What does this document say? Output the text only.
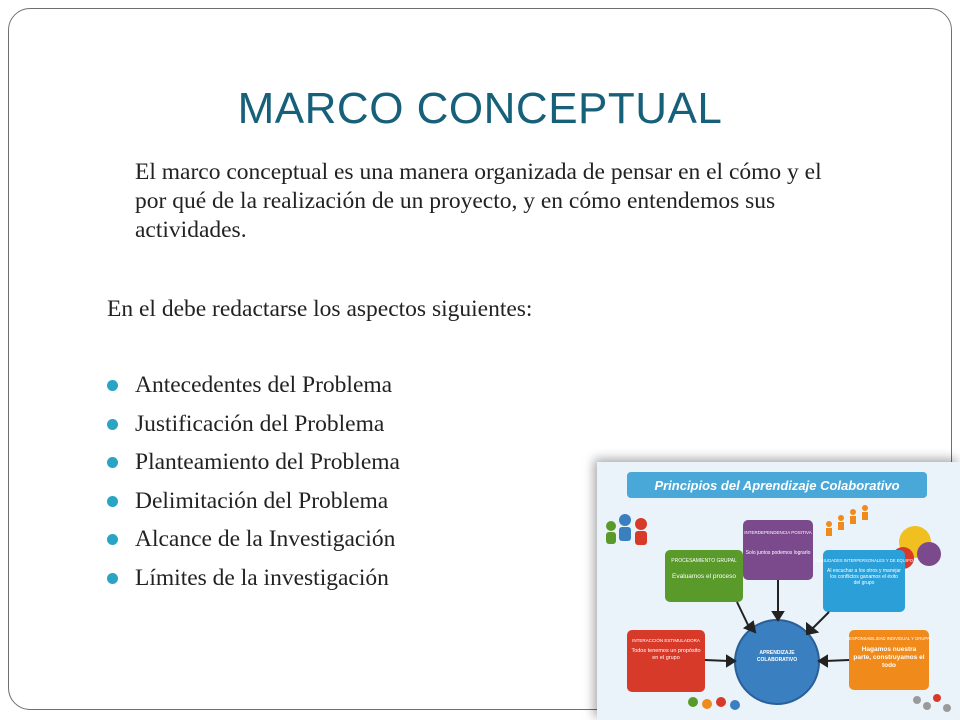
MARCO CONCEPTUAL

El marco conceptual es una manera organizada de pensar en el cómo y el por qué de la realización de un proyecto, y en cómo entendemos sus actividades.

En el debe redactarse los aspectos siguientes:

Antecedentes del Problema
Justificación del Problema
Planteamiento del Problema
Delimitación del Problema
Alcance de la Investigación
Límites de la investigación
Principios del Aprendizaje Colaborativo
PROCESAMIENTO GRUPAL
Evaluamos el proceso
INTERDEPENDENCIA POSITIVA
Solo juntos podemos lograrlo
HABILIDADES INTERPERSONALES Y DE EQUIPO
Al escuchar a los otros y manejar los conflictos ganamos el éxito del grupo
INTERACCIÓN ESTIMULADORA
Todos tenemos un propósito en el grupo
RESPONSABILIDAD INDIVIDUAL Y GRUPAL
Hagamos nuestra parte, construyamos el todo
APRENDIZAJE COLABORATIVO
